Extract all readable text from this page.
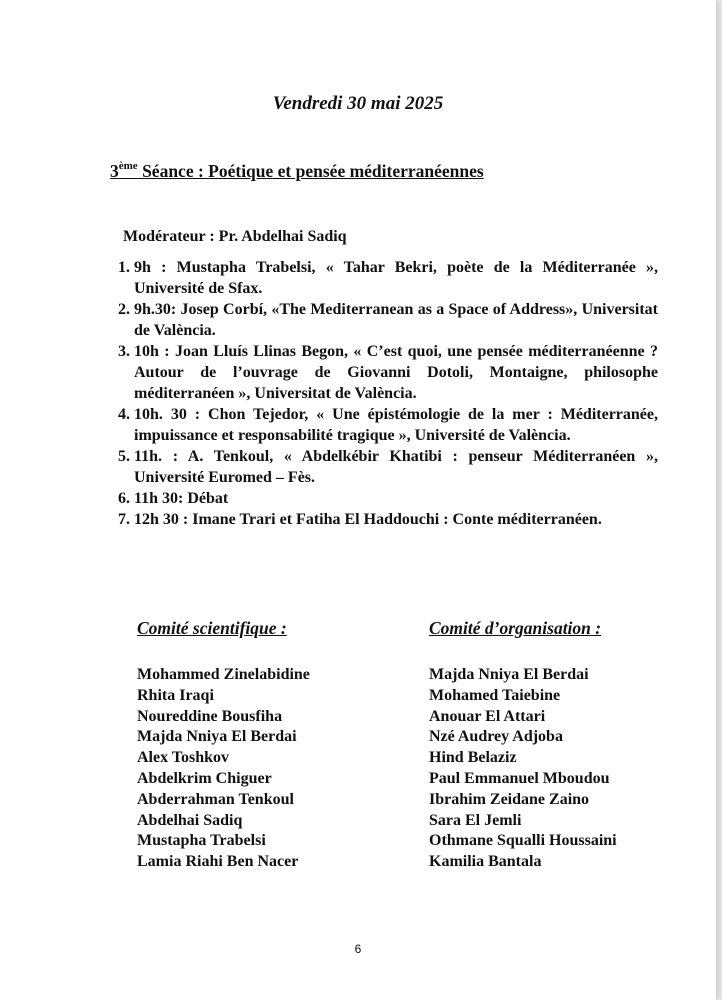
Vendredi 30 mai 2025
3ème Séance : Poétique et pensée méditerranéennes
Modérateur : Pr. Abdelhai Sadiq
1. 9h : Mustapha Trabelsi, « Tahar Bekri, poète de la Méditerranée », Université de Sfax.
2. 9h.30: Josep Corbí, «The Mediterranean as a Space of Address», Universitat de València.
3. 10h : Joan Lluís Llinas Begon, « C’est quoi, une pensée méditerranéenne ? Autour de l’ouvrage de Giovanni Dotoli, Montaigne, philosophe méditerranéen », Universitat de València.
4. 10h. 30 : Chon Tejedor, « Une épistémologie de la mer : Méditerranée, impuissance et responsabilité tragique », Université de València.
5. 11h. : A. Tenkoul, « Abdelkébir Khatibi : penseur Méditerranéen », Université Euromed – Fès.
6. 11h 30: Débat
7. 12h 30 : Imane Trari et Fatiha El Haddouchi : Conte méditerranéen.
Comité scientifique :
Mohammed Zinelabidine
Rhita Iraqi
Noureddine Bousfiha
Majda Nniya El Berdai
Alex Toshkov
Abdelkrim Chiguer
Abderrahman Tenkoul
Abdelhai Sadiq
Mustapha Trabelsi
Lamia Riahi Ben Nacer
Comité d’organisation :
Majda Nniya El Berdai
Mohamed Taiebine
Anouar El Attari
Nzé Audrey Adjoba
Hind Belaziz
Paul Emmanuel Mboudou
Ibrahim Zeidane Zaino
Sara El Jemli
Othmane Squalli Houssaini
Kamilia Bantala
6
